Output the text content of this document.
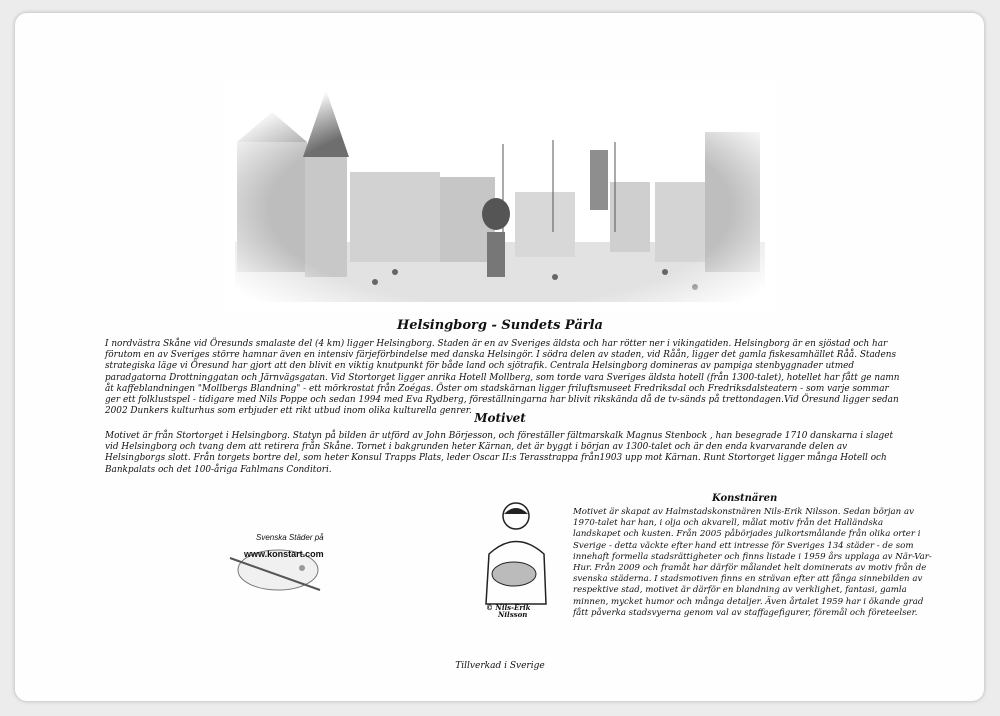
Helsingborg - Sundets Pärla

I nordvästra Skåne vid Öresunds smalaste del (4 km) ligger Helsingborg. Staden är en av Sveriges äldsta och har rötter ner i vikingatiden. Helsingborg är en sjöstad och har förutom en av Sveriges större hamnar även en intensiv färjeförbindelse med danska Helsingör. I södra delen av staden, vid Råån, ligger det gamla fiskesamhället Råå. Stadens strategiska läge vi Öresund har gjort att den blivit en viktig knutpunkt för både land och sjötrafik. Centrala Helsingborg domineras av pampiga stenbyggnader utmed paradgatorna Drottninggatan och Järnvägsgatan. Vid Stortorget ligger anrika Hotell Mollberg, som torde vara Sveriges äldsta hotell (från 1300-talet), hotellet har fått ge namn åt kaffeblandningen "Mollbergs Blandning" - ett mörkrostat från Zoégas. Öster om stadskärnan ligger friluftsmuseet Fredriksdal och Fredriksdalsteatern - som varje sommar ger ett folklustspel - tidigare med Nils Poppe och sedan 1994 med Eva Rydberg, föreställningarna har blivit rikskända då de tv-sänds på trettondagen.Vid Öresund ligger sedan 2002 Dunkers kulturhus som erbjuder ett rikt utbud inom olika kulturella genrer. Motivet

Motivet är från Stortorget i Helsingborg. Statyn på bilden är utförd av John Börjesson, och föreställer fältmarskalk Magnus Stenbock , han besegrade 1710 danskarna i slaget vid Helsingborg och tvang dem att retirera från Skåne. Tornet i bakgrunden heter Kärnan, det är byggt i början av 1300-talet och är den enda kvarvarande delen av Helsingborgs slott. Från torgets bortre del, som heter Konsul Trapps Plats, leder Oscar II:s Terasstrappa från1903 upp mot Kärnan. Runt Stortorget ligger många Hotell och Bankpalats och det 100-åriga Fahlmans Conditori.

Svenska Städer på
www.konstart.com
© Nils-Erik
Nilsson
Konstnären

Motivet är skapat av Halmstadskonstnären Nils-Erik Nilsson. Sedan början av 1970-talet har han, i olja och akvarell, målat motiv från det Halländska landskapet och kusten. Från 2005 påbörjades julkortsmålande från olika orter i Sverige - detta väckte efter hand ett intresse för Sveriges 134 städer - de som innehaft formella stadsrättigheter och finns listade i 1959 års upplaga av När-Var-Hur. Från 2009 och framåt har därför målandet helt dominerats av motiv från de svenska städerna. I stadsmotiven finns en strävan efter att fånga sinnebilden av respektive stad, motivet är därför en blandning av verklighet, fantasi, gamla minnen, mycket humor och många detaljer. Även årtalet 1959 har i ökande grad fått påverka stadsvyerna genom val av staffagefigurer, föremål och företeelser.

Tillverkad i Sverige
